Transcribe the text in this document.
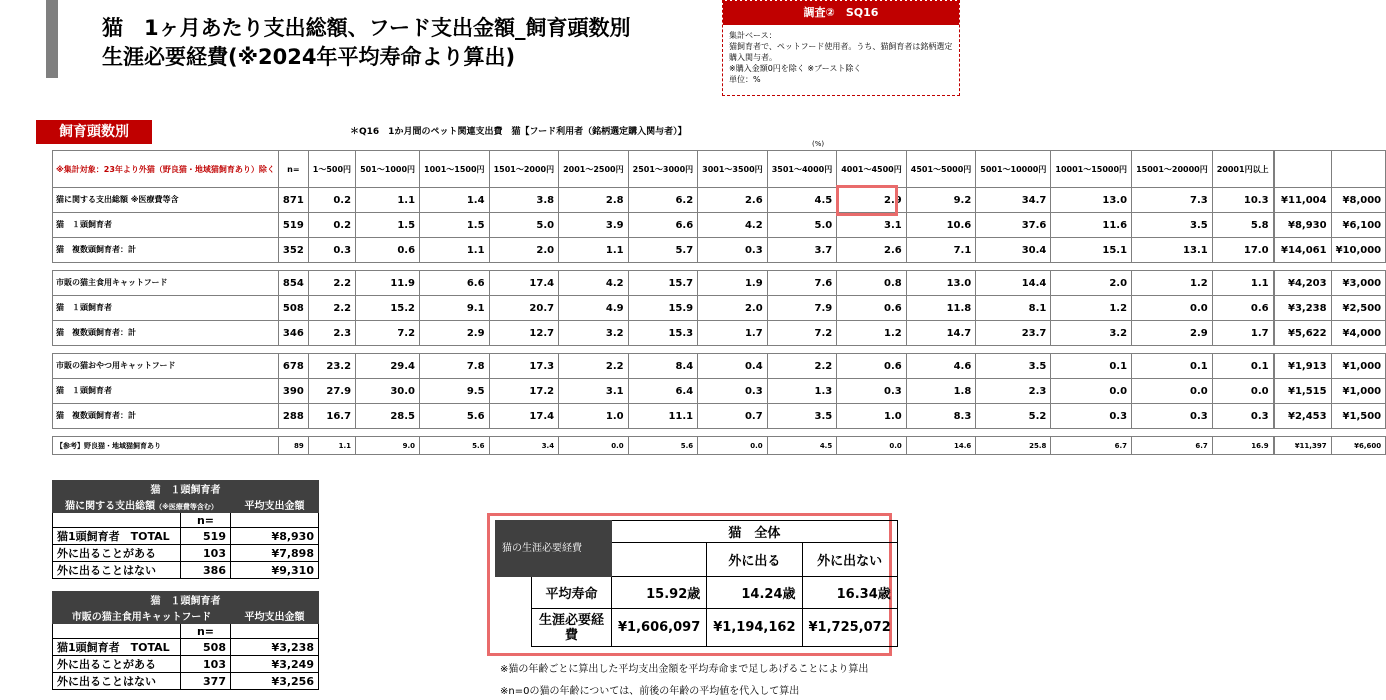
猫　1ヶ月あたり支出総額、フード支出金額_飼育頭数別
生涯必要経費(※2024年平均寿命より算出)
調査②　SQ16
集計ベース：
猫飼育者で、ペットフード使用者。うち、猫飼育者は銘柄選定購入関与者。
※購入金額0円を除く ※ブースト除く
単位：%
飼育頭数別	＊Q16　1か月間のペット関連支出費　猫【フード利用者（銘柄選定購入関与者）】
(%)
※集計対象：23年より外猫（野良猫・地域猫飼育あり）除く	n=	1～500円	501～1000円	1001～1500円	1501～2000円	2001～2500円	2501～3000円	3001～3500円	3501～4000円	4001～4500円	4501～5000円	5001～10000円	10001～15000円	15001～20000円	20001円以上		平均支出金額	中央値
猫に関する支出総額 ※医療費等含	871	0.2	1.1	1.4	3.8	2.8	6.2	2.6	4.5	2.9	9.2	34.7	13.0	7.3	10.3		¥11,004	¥8,000
猫　１頭飼育者	519	0.2	1.5	1.5	5.0	3.9	6.6	4.2	5.0	3.1	10.6	37.6	11.6	3.5	5.8		¥8,930	¥6,100
猫　複数頭飼育者：計	352	0.3	0.6	1.1	2.0	1.1	5.7	0.3	3.7	2.6	7.1	30.4	15.1	13.1	17.0		¥14,061	¥10,000

市販の猫主食用キャットフード	854	2.2	11.9	6.6	17.4	4.2	15.7	1.9	7.6	0.8	13.0	14.4	2.0	1.2	1.1		¥4,203	¥3,000
猫　１頭飼育者	508	2.2	15.2	9.1	20.7	4.9	15.9	2.0	7.9	0.6	11.8	8.1	1.2	0.0	0.6		¥3,238	¥2,500
猫　複数頭飼育者：計	346	2.3	7.2	2.9	12.7	3.2	15.3	1.7	7.2	1.2	14.7	23.7	3.2	2.9	1.7		¥5,622	¥4,000

市販の猫おやつ用キャットフード	678	23.2	29.4	7.8	17.3	2.2	8.4	0.4	2.2	0.6	4.6	3.5	0.1	0.1	0.1		¥1,913	¥1,000
猫　１頭飼育者	390	27.9	30.0	9.5	17.2	3.1	6.4	0.3	1.3	0.3	1.8	2.3	0.0	0.0	0.0		¥1,515	¥1,000
猫　複数頭飼育者：計	288	16.7	28.5	5.6	17.4	1.0	11.1	0.7	3.5	1.0	8.3	5.2	0.3	0.3	0.3		¥2,453	¥1,500

【参考】野良猫・地域猫飼育あり	89	1.1	9.0	5.6	3.4	0.0	5.6	0.0	4.5	0.0	14.6	25.8	6.7	6.7	16.9		¥11,397	¥6,600
猫　１頭飼育者		
猫に関する支出総額（※医療費等含む）		平均支出金額
	n=	
猫1頭飼育者　TOTAL	519	¥8,930
外に出ることがある	103	¥7,898
外に出ることはない	386	¥9,310
猫　１頭飼育者		
市販の猫主食用キャットフード		平均支出金額
	n=	
猫1頭飼育者　TOTAL	508	¥3,238
外に出ることがある	103	¥3,249
外に出ることはない	377	¥3,256
猫の生涯必要経費		猫　全体		
			外に出る	外に出ない
	平均寿命	15.92歳	14.24歳	16.34歳
	生涯必要経費	¥1,606,097	¥1,194,162	¥1,725,072
※猫の年齢ごとに算出した平均支出金額を平均寿命まで足しあげることにより算出
※n=0の猫の年齢については、前後の年齢の平均値を代入して算出
